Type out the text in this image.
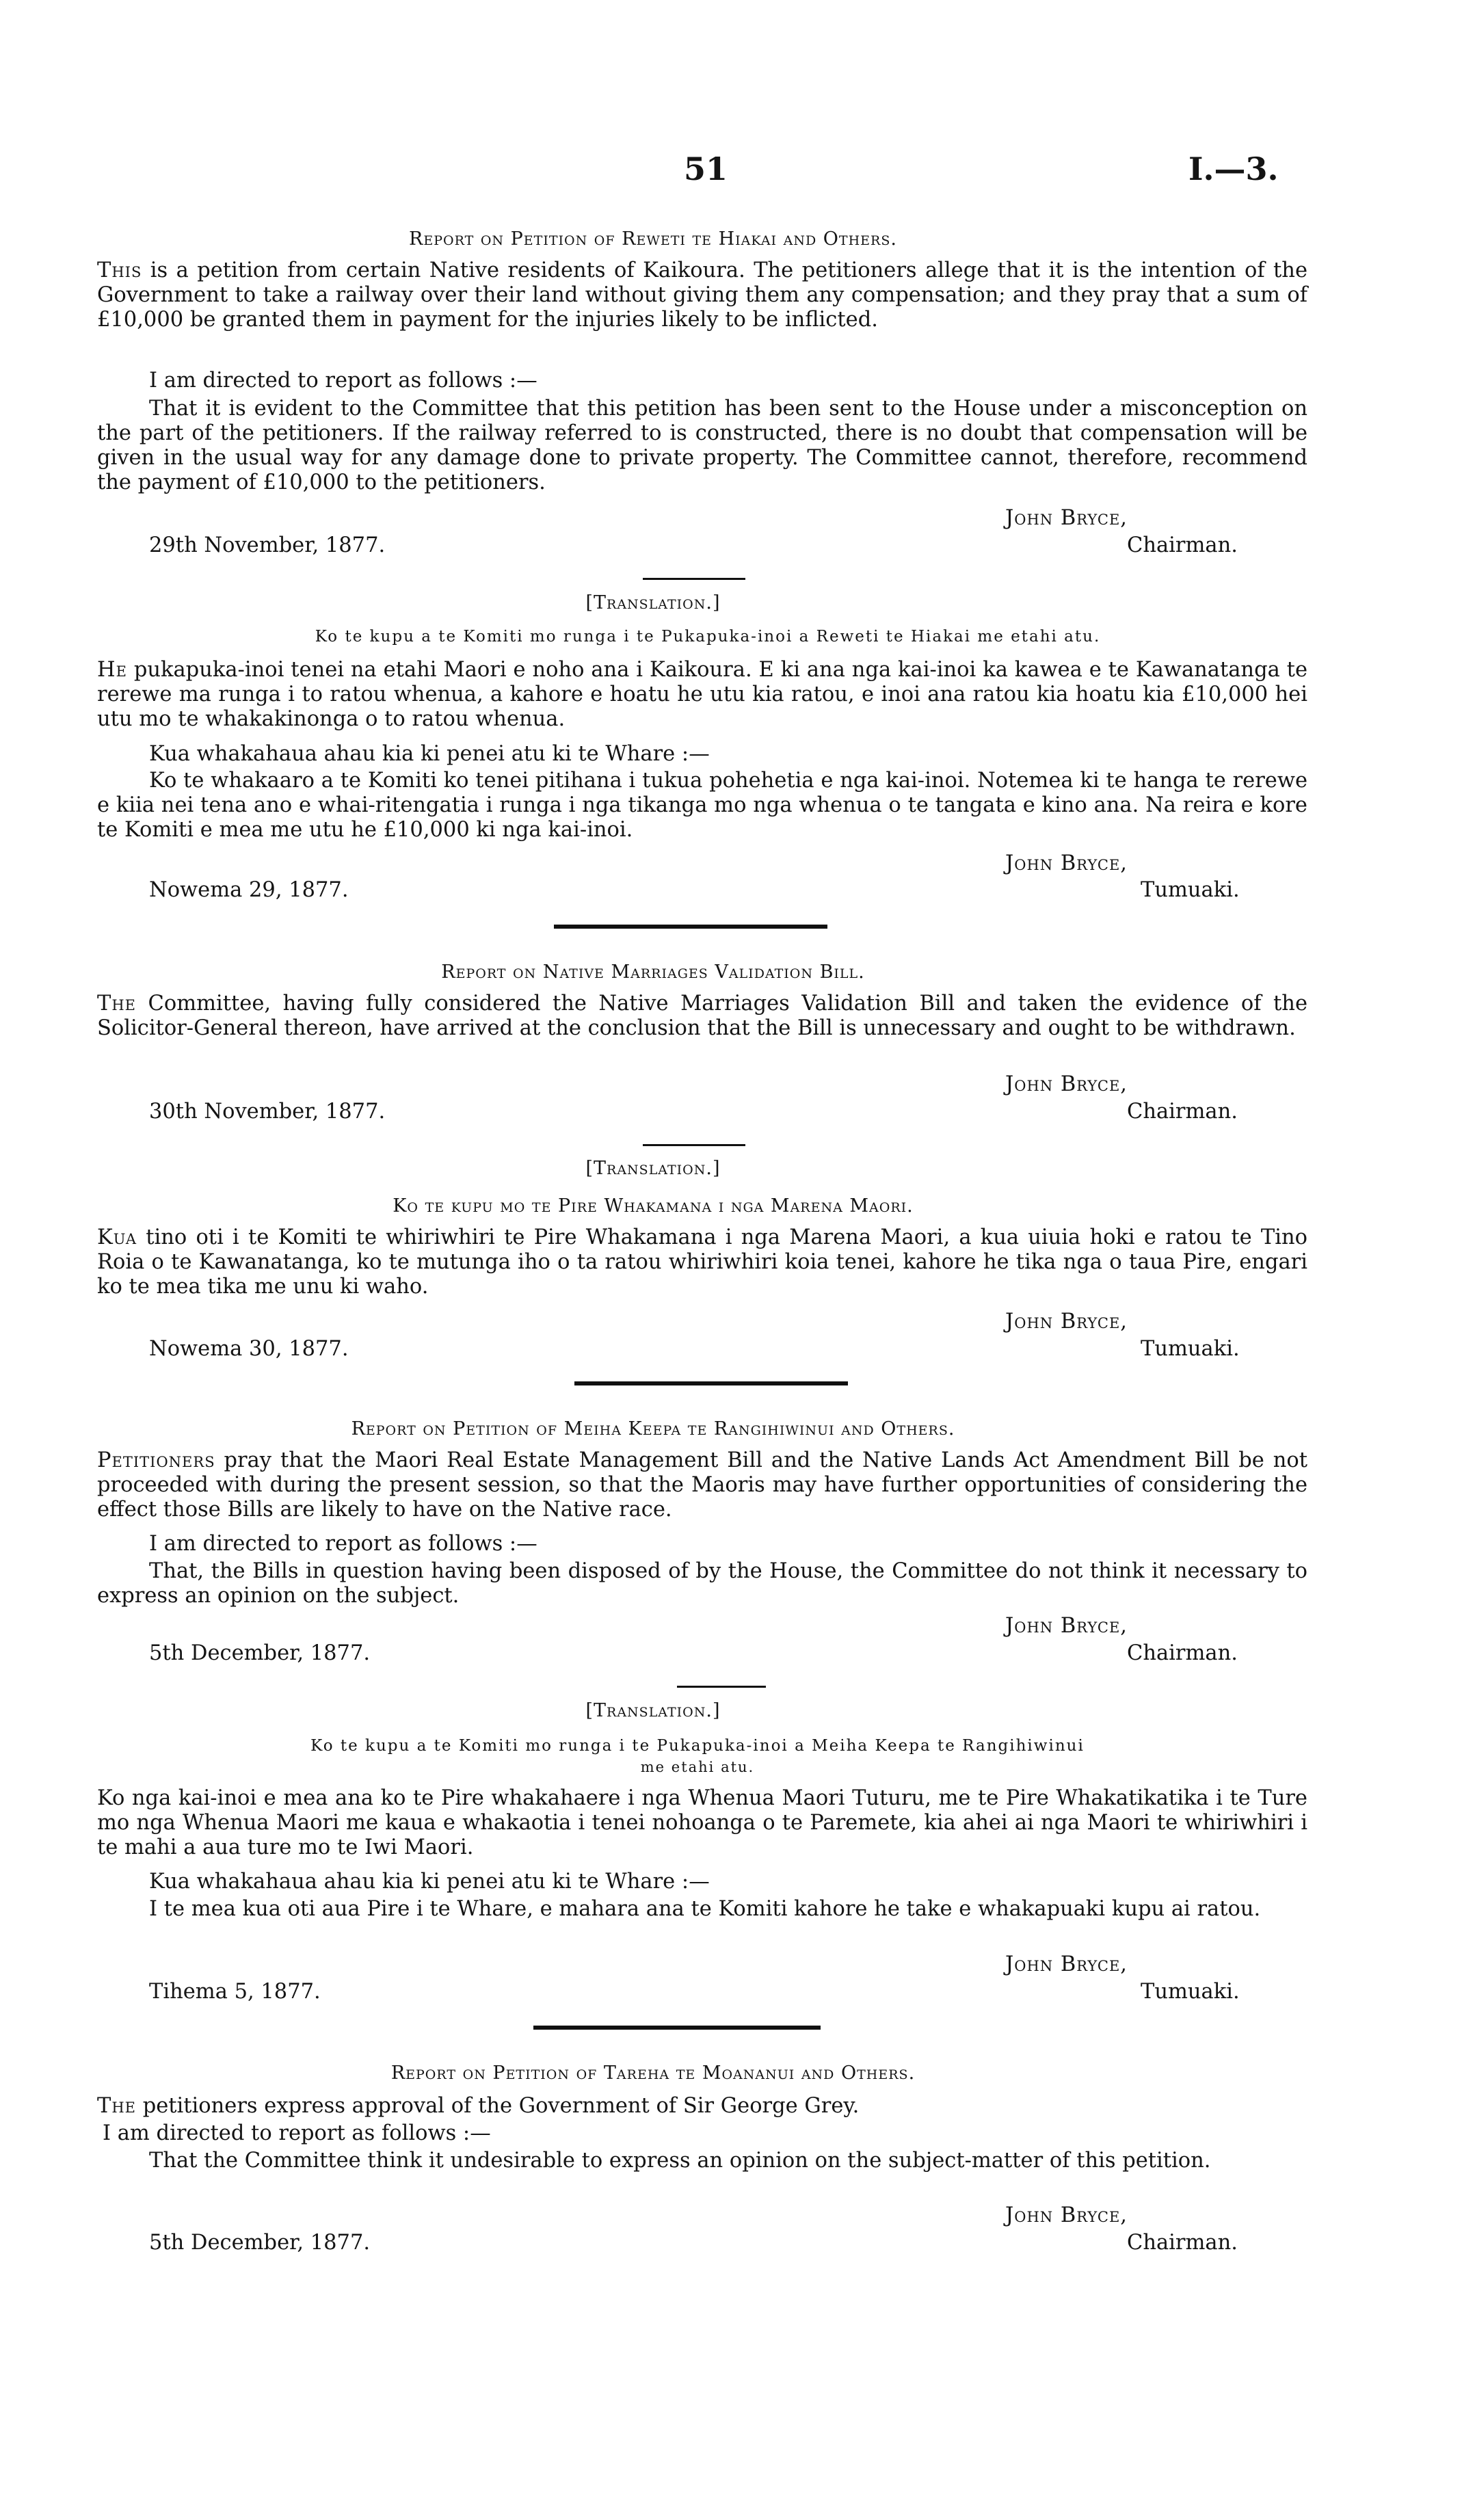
51	I.—3.
Report on Petition of Reweti te Hiakai and Others.
This is a petition from certain Native residents of Kaikoura. The petitioners allege that it is the intention of the Government to take a railway over their land without giving them any compensation; and they pray that a sum of £10,000 be granted them in payment for the injuries likely to be inflicted.
I am directed to report as follows :—
That it is evident to the Committee that this petition has been sent to the House under a misconception on the part of the petitioners. If the railway referred to is constructed, there is no doubt that compensation will be given in the usual way for any damage done to private property. The Committee cannot, therefore, recommend the payment of £10,000 to the petitioners.
John Bryce,
29th November, 1877.	Chairman.
[Translation.]
Ko te kupu a te Komiti mo runga i te Pukapuka-inoi a Reweti te Hiakai me etahi atu.
He pukapuka-inoi tenei na etahi Maori e noho ana i Kaikoura. E ki ana nga kai-inoi ka kawea e te Kawanatanga te rerewe ma runga i to ratou whenua, a kahore e hoatu he utu kia ratou, e inoi ana ratou kia hoatu kia £10,000 hei utu mo te whakakinonga o to ratou whenua.
Kua whakahaua ahau kia ki penei atu ki te Whare :—
Ko te whakaaro a te Komiti ko tenei pitihana i tukua pohehetia e nga kai-inoi. Notemea ki te hanga te rerewe e kiia nei tena ano e whai-ritengatia i runga i nga tikanga mo nga whenua o te tangata e kino ana. Na reira e kore te Komiti e mea me utu he £10,000 ki nga kai-inoi.
John Bryce,
Nowema 29, 1877.	Tumuaki.
Report on Native Marriages Validation Bill.
The Committee, having fully considered the Native Marriages Validation Bill and taken the evidence of the Solicitor-General thereon, have arrived at the conclusion that the Bill is unnecessary and ought to be withdrawn.
John Bryce,
30th November, 1877.	Chairman.
[Translation.]
Ko te kupu mo te Pire Whakamana i nga Marena Maori.
Kua tino oti i te Komiti te whiriwhiri te Pire Whakamana i nga Marena Maori, a kua uiuia hoki e ratou te Tino Roia o te Kawanatanga, ko te mutunga iho o ta ratou whiriwhiri koia tenei, kahore he tika nga o taua Pire, engari ko te mea tika me unu ki waho.
John Bryce,
Nowema 30, 1877.	Tumuaki.
Report on Petition of Meiha Keepa te Rangihiwinui and Others.
Petitioners pray that the Maori Real Estate Management Bill and the Native Lands Act Amendment Bill be not proceeded with during the present session, so that the Maoris may have further opportunities of considering the effect those Bills are likely to have on the Native race.
I am directed to report as follows :—
That, the Bills in question having been disposed of by the House, the Committee do not think it necessary to express an opinion on the subject.
John Bryce,
5th December, 1877.	Chairman.
[Translation.]
Ko te kupu a te Komiti mo runga i te Pukapuka-inoi a Meiha Keepa te Rangihiwinui
me etahi atu.
Ko nga kai-inoi e mea ana ko te Pire whakahaere i nga Whenua Maori Tuturu, me te Pire Whakatikatika i te Ture mo nga Whenua Maori me kaua e whakaotia i tenei nohoanga o te Paremete, kia ahei ai nga Maori te whiriwhiri i te mahi a aua ture mo te Iwi Maori.
Kua whakahaua ahau kia ki penei atu ki te Whare :—
I te mea kua oti aua Pire i te Whare, e mahara ana te Komiti kahore he take e whakapuaki kupu ai ratou.
John Bryce,
Tihema 5, 1877.	Tumuaki.
Report on Petition of Tareha te Moananui and Others.
The petitioners express approval of the Government of Sir George Grey.
I am directed to report as follows :—
That the Committee think it undesirable to express an opinion on the subject-matter of this petition.
John Bryce,
5th December, 1877.	Chairman.
